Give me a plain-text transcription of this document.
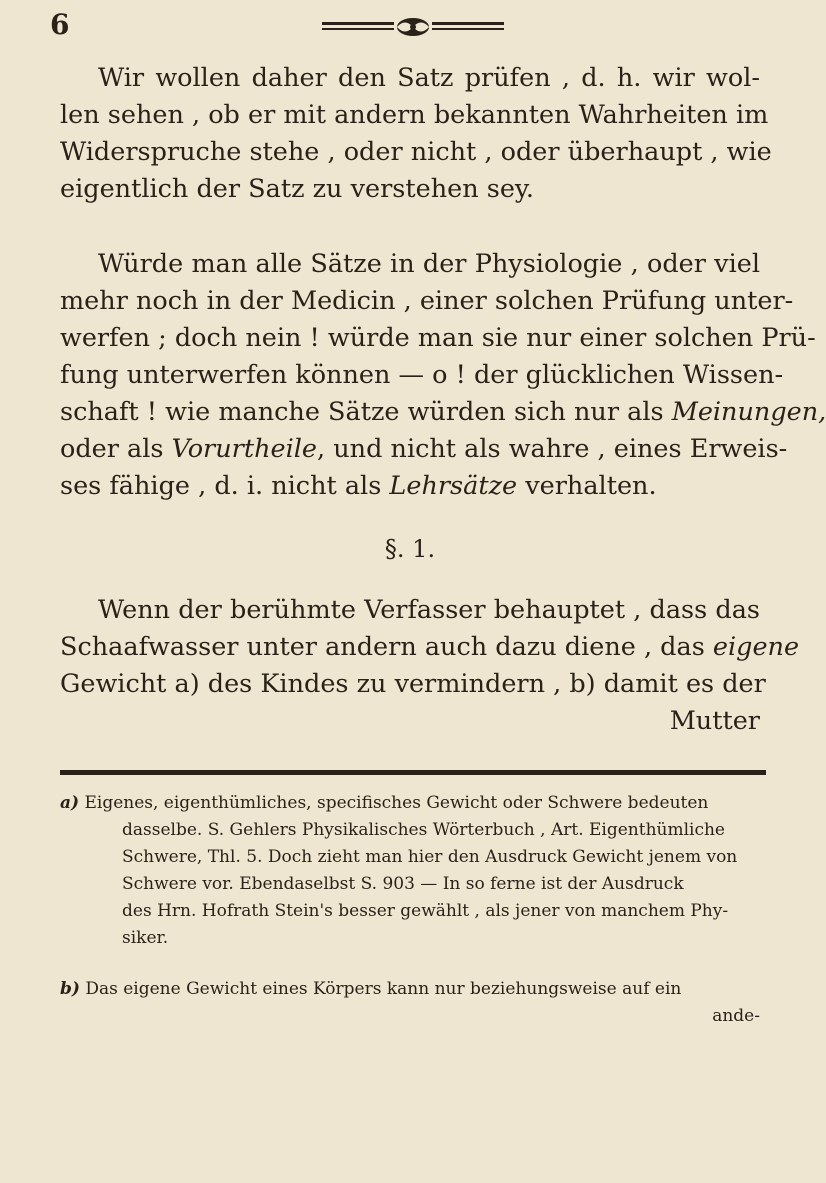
6

Wir wollen daher den Satz prüfen , d. h. wir wol-

len sehen , ob er mit andern bekannten Wahrheiten im

Widerspruche stehe , oder nicht , oder überhaupt , wie

eigentlich der Satz zu verstehen sey.

Würde man alle Sätze in der Physiologie , oder viel

mehr noch in der Medicin , einer solchen Prüfung unter-

werfen ; doch nein ! würde man sie nur einer solchen Prü-

fung unterwerfen können — o ! der glücklichen Wissen-

schaft ! wie manche Sätze würden sich nur als Meinungen,

oder als Vorurtheile, und nicht als wahre , eines Erweis-

ses fähige , d. i. nicht als Lehrsätze verhalten.

§. 1.

Wenn der berühmte Verfasser behauptet , dass das

Schaafwasser unter andern auch dazu diene , das eigene

Gewicht a) des Kindes zu vermindern , b) damit es der

Mutter

a) Eigenes, eigenthümliches, specifisches Gewicht oder Schwere bedeuten

dasselbe. S. Gehlers Physikalisches Wörterbuch , Art. Eigenthümliche

Schwere, Thl. 5. Doch zieht man hier den Ausdruck Gewicht jenem von

Schwere vor. Ebendaselbst S. 903 — In so ferne ist der Ausdruck

des Hrn. Hofrath Stein's besser gewählt , als jener von manchem Phy-

siker.

b) Das eigene Gewicht eines Körpers kann nur beziehungsweise auf ein

ande-
